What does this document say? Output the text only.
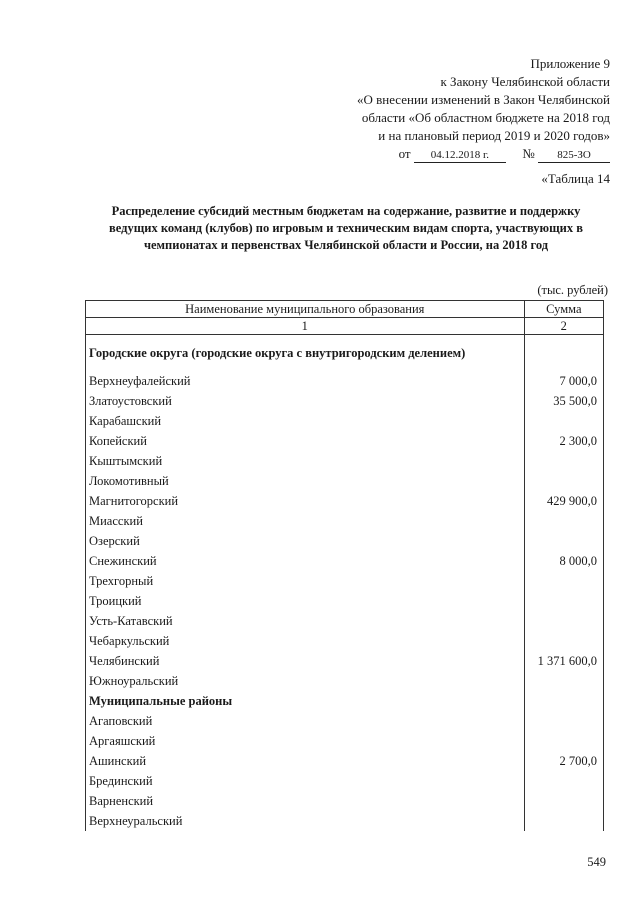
Приложение 9
к Закону Челябинской области
«О внесении изменений в Закон Челябинской
области «Об областном бюджете на 2018 год
и на плановый период 2019 и 2020 годов»
от 04.12.2018 г.	№ 825-ЗО
«Таблица 14
Распределение субсидий местным бюджетам на содержание, развитие и поддержку ведущих команд (клубов) по игровым и техническим видам спорта, участвующих в чемпионатах и первенствах Челябинской области и России, на 2018 год
(тыс. рублей)
Наименование муниципального образования	Сумма
1	2
Городские округа (городские округа с внутригородским делением)	
Верхнеуфалейский	7 000,0
Златоустовский	35 500,0
Карабашский	
Копейский	2 300,0
Кыштымский	
Локомотивный	
Магнитогорский	429 900,0
Миасский	
Озерский	
Снежинский	8 000,0
Трехгорный	
Троицкий	
Усть-Катавский	
Чебаркульский	
Челябинский	1 371 600,0
Южноуральский	
Муниципальные районы	
Агаповский	
Аргаяшский	
Ашинский	2 700,0
Брединский	
Варненский	
Верхнеуральский	
549
